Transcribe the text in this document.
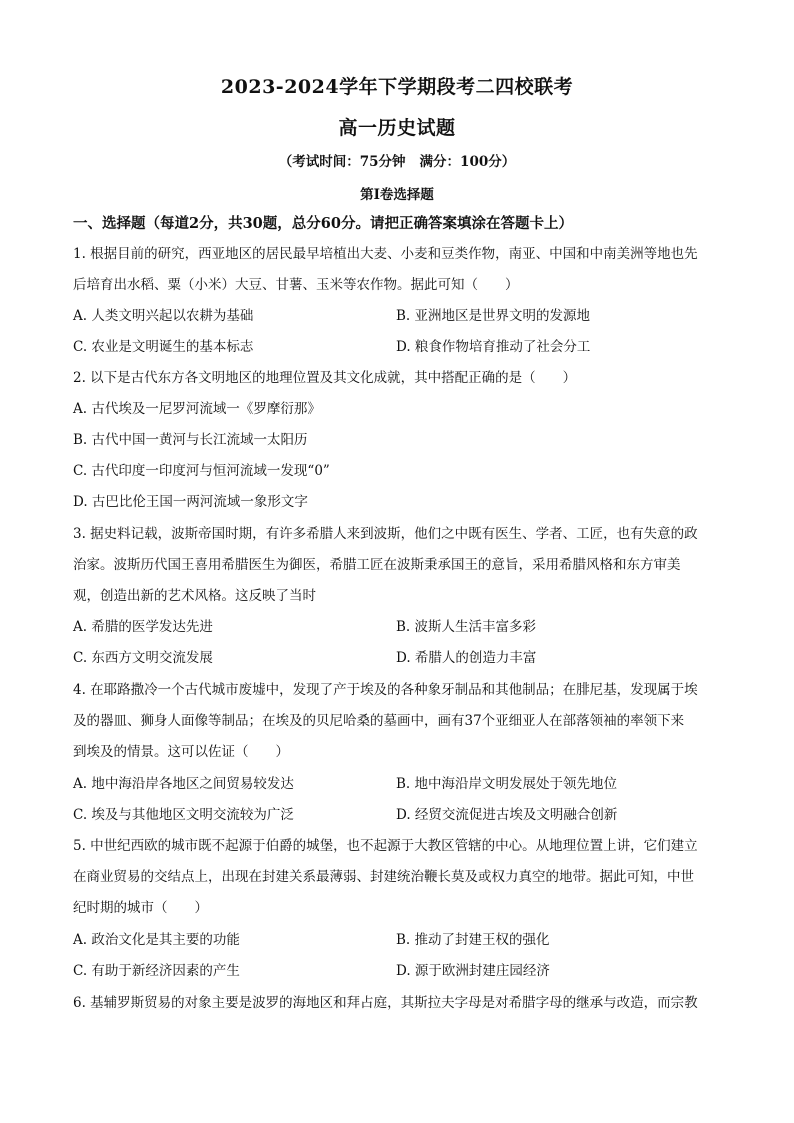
2023-2024学年下学期段考二四校联考
高一历史试题
（考试时间：75分钟 满分：100分）
第Ⅰ卷选择题
一、选择题（每道2分，共30题，总分60分。请把正确答案填涂在答题卡上）
1. 根据目前的研究，西亚地区的居民最早培植出大麦、小麦和豆类作物，南亚、中国和中南美洲等地也先
后培育出水稻、粟（小米）大豆、甘薯、玉米等农作物。据此可知（　　）
A. 人类文明兴起以农耕为基础	B. 亚洲地区是世界文明的发源地
C. 农业是文明诞生的基本标志	D. 粮食作物培育推动了社会分工
2. 以下是古代东方各文明地区的地理位置及其文化成就，其中搭配正确的是（　　）
A. 古代埃及一尼罗河流域一《罗摩衍那》
B. 古代中国一黄河与长江流域一太阳历
C. 古代印度一印度河与恒河流域一发现“0”
D. 古巴比伦王国一两河流域一象形文字
3. 据史料记载，波斯帝国时期，有许多希腊人来到波斯，他们之中既有医生、学者、工匠，也有失意的政
治家。波斯历代国王喜用希腊医生为御医，希腊工匠在波斯秉承国王的意旨，采用希腊风格和东方审美
观，创造出新的艺术风格。这反映了当时
A. 希腊的医学发达先进	B. 波斯人生活丰富多彩
C. 东西方文明交流发展	D. 希腊人的创造力丰富
4. 在耶路撒冷一个古代城市废墟中，发现了产于埃及的各种象牙制品和其他制品；在腓尼基，发现属于埃
及的器皿、狮身人面像等制品；在埃及的贝尼哈桑的墓画中，画有37个亚细亚人在部落领袖的率领下来
到埃及的情景。这可以佐证（　　）
A. 地中海沿岸各地区之间贸易较发达	B. 地中海沿岸文明发展处于领先地位
C. 埃及与其他地区文明交流较为广泛	D. 经贸交流促进古埃及文明融合创新
5. 中世纪西欧的城市既不起源于伯爵的城堡，也不起源于大教区管辖的中心。从地理位置上讲，它们建立
在商业贸易的交结点上，出现在封建关系最薄弱、封建统治鞭长莫及或权力真空的地带。据此可知，中世
纪时期的城市（　　）
A. 政治文化是其主要的功能	B. 推动了封建王权的强化
C. 有助于新经济因素的产生	D. 源于欧洲封建庄园经济
6. 基辅罗斯贸易的对象主要是波罗的海地区和拜占庭，其斯拉夫字母是对希腊字母的继承与改造，而宗教
